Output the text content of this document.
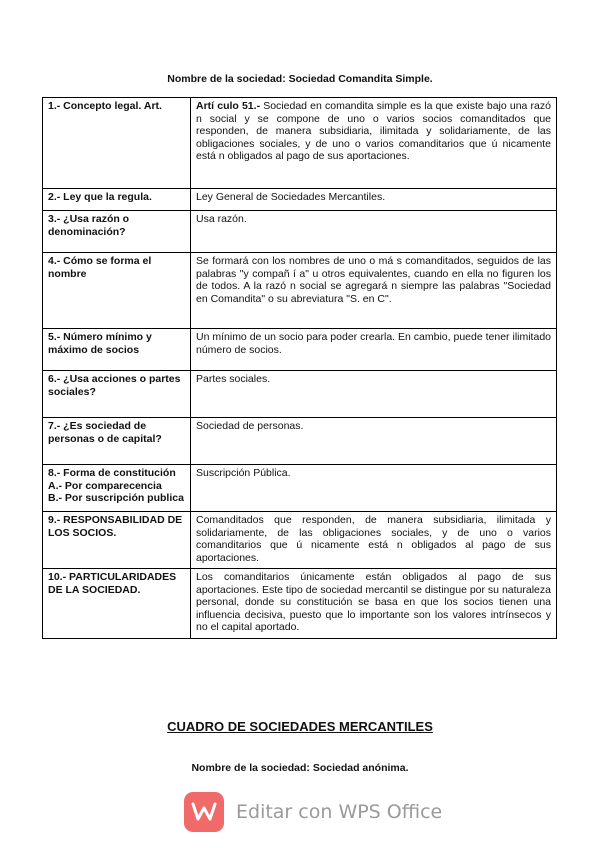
Nombre de la sociedad: Sociedad Comandita Simple.
1.- Concepto legal. Art.	Artí culo 51.- Sociedad en comandita simple es la que existe bajo una razó n social y se compone de uno o varios socios comanditados que responden, de manera subsidiaria, ilimitada y solidariamente, de las obligaciones sociales, y de uno o varios comanditarios que ú nicamente está n obligados al pago de sus aportaciones.

2.- Ley que la regula.	Ley General de Sociedades Mercantiles.

3.- ¿Usa razón o
denominación?	Usa razón.

4.- Cómo se forma el
nombre	Se formará con los nombres de uno o má s comanditados, seguidos de las palabras "y compañ í a" u otros equivalentes, cuando en ella no figuren los de todos. A la razó n social se agregará n siempre las palabras "Sociedad en Comandita" o su abreviatura "S. en C".

5.- Número mínimo y
máximo de socios	Un mínimo de un socio para poder crearla. En cambio, puede tener ilimitado número de socios.

6.- ¿Usa acciones o partes
sociales?	Partes sociales.

7.- ¿Es sociedad de
personas o de capital?	Sociedad de personas.

8.- Forma de constitución
A.- Por comparecencia
B.- Por suscripción publica	Suscripción Pública.

9.- RESPONSABILIDAD DE
LOS SOCIOS.	Comanditados que responden, de manera subsidiaria, ilimitada y solidariamente, de las obligaciones sociales, y de uno o varios comanditarios que ú nicamente está n obligados al pago de sus aportaciones.

10.- PARTICULARIDADES
DE LA SOCIEDAD.	Los comanditarios únicamente están obligados al pago de sus aportaciones. Este tipo de sociedad mercantil se distingue por su naturaleza personal, donde su constitución se basa en que los socios tienen una influencia decisiva, puesto que lo importante son los valores intrínsecos y no el capital aportado.
CUADRO DE SOCIEDADES MERCANTILES
Nombre de la sociedad: Sociedad anónima.
Editar con WPS Office
